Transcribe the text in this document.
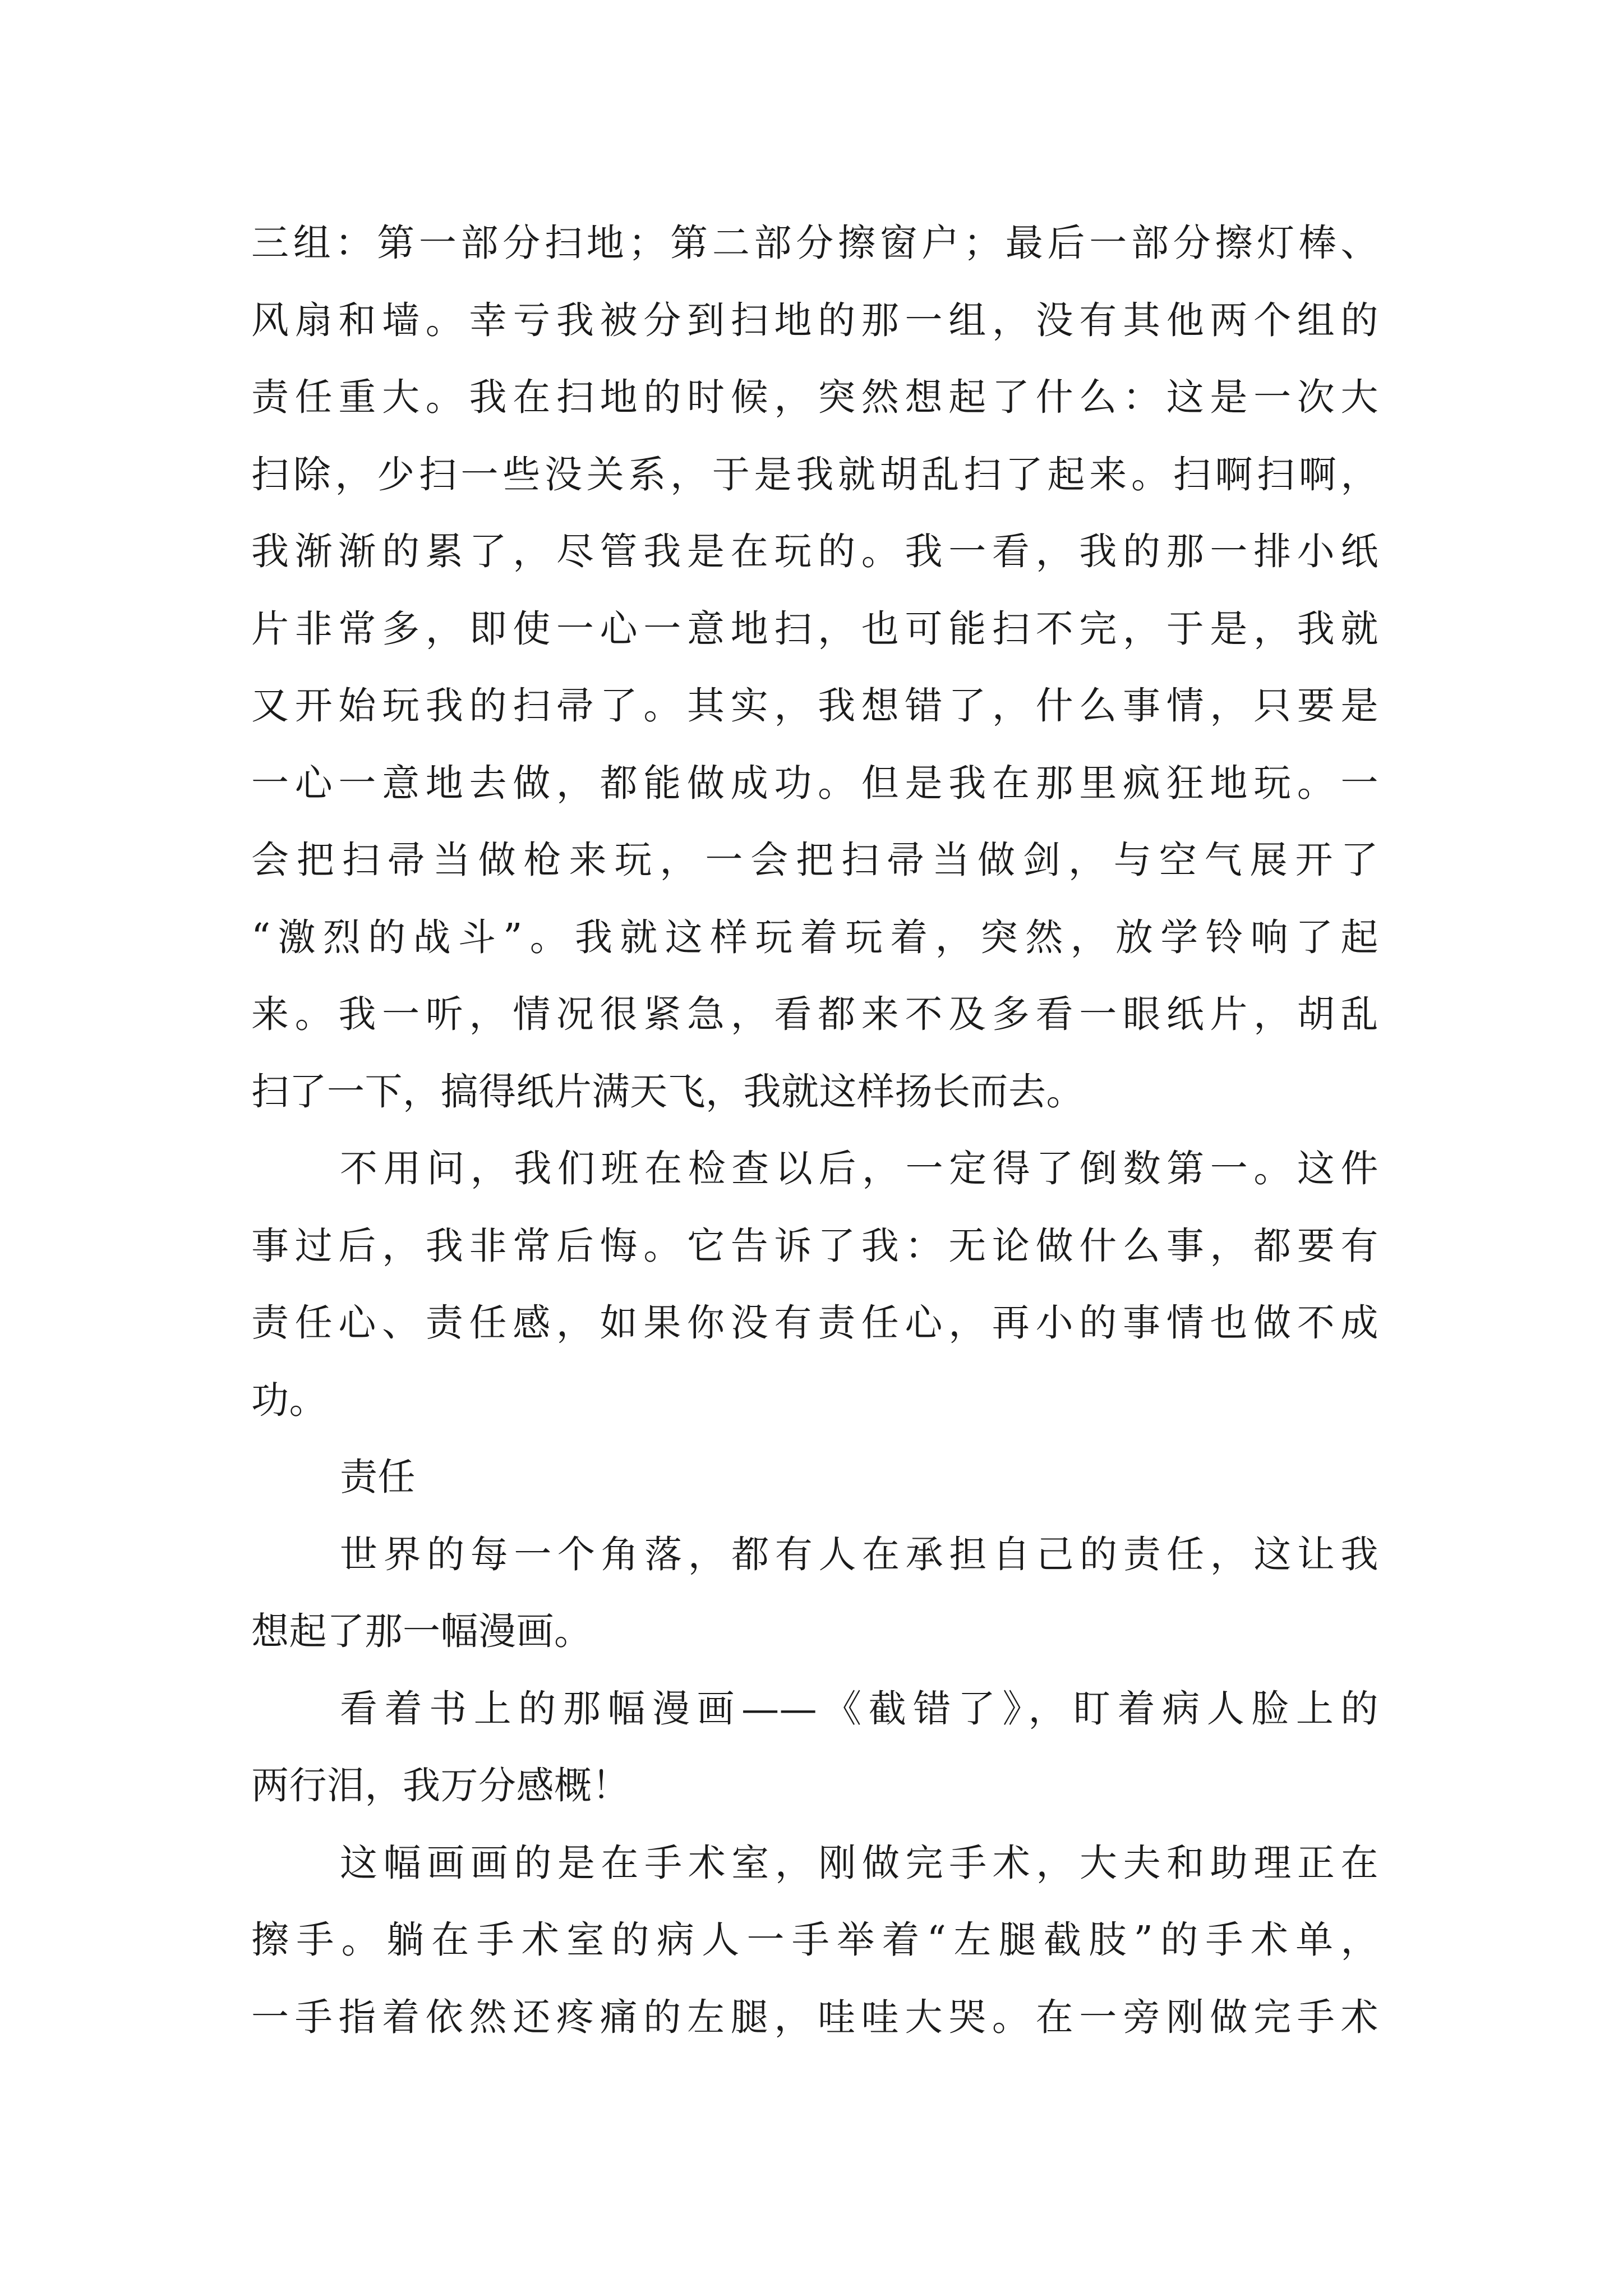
三组：第一部分扫地；第二部分擦窗户；最后一部分擦灯棒、
风扇和墙。幸亏我被分到扫地的那一组，没有其他两个组的
责任重大。我在扫地的时候，突然想起了什么：这是一次大
扫除，少扫一些没关系，于是我就胡乱扫了起来。扫啊扫啊，
我渐渐的累了，尽管我是在玩的。我一看，我的那一排小纸
片非常多，即使一心一意地扫，也可能扫不完，于是，我就
又开始玩我的扫帚了。其实，我想错了，什么事情，只要是
一心一意地去做，都能做成功。但是我在那里疯狂地玩。一
会把扫帚当做枪来玩，一会把扫帚当做剑，与空气展开了
“激烈的战斗”。我就这样玩着玩着，突然，放学铃响了起
来。我一听，情况很紧急，看都来不及多看一眼纸片，胡乱
扫了一下，搞得纸片满天飞，我就这样扬长而去。
不用问，我们班在检查以后，一定得了倒数第一。这件
事过后，我非常后悔。它告诉了我：无论做什么事，都要有
责任心、责任感，如果你没有责任心，再小的事情也做不成
功。
责任
世界的每一个角落，都有人在承担自己的责任，这让我
想起了那一幅漫画。
看着书上的那幅漫画——《截错了》，盯着病人脸上的
两行泪，我万分感概！
这幅画画的是在手术室，刚做完手术，大夫和助理正在
擦手。躺在手术室的病人一手举着“左腿截肢”的手术单，
一手指着依然还疼痛的左腿，哇哇大哭。在一旁刚做完手术
